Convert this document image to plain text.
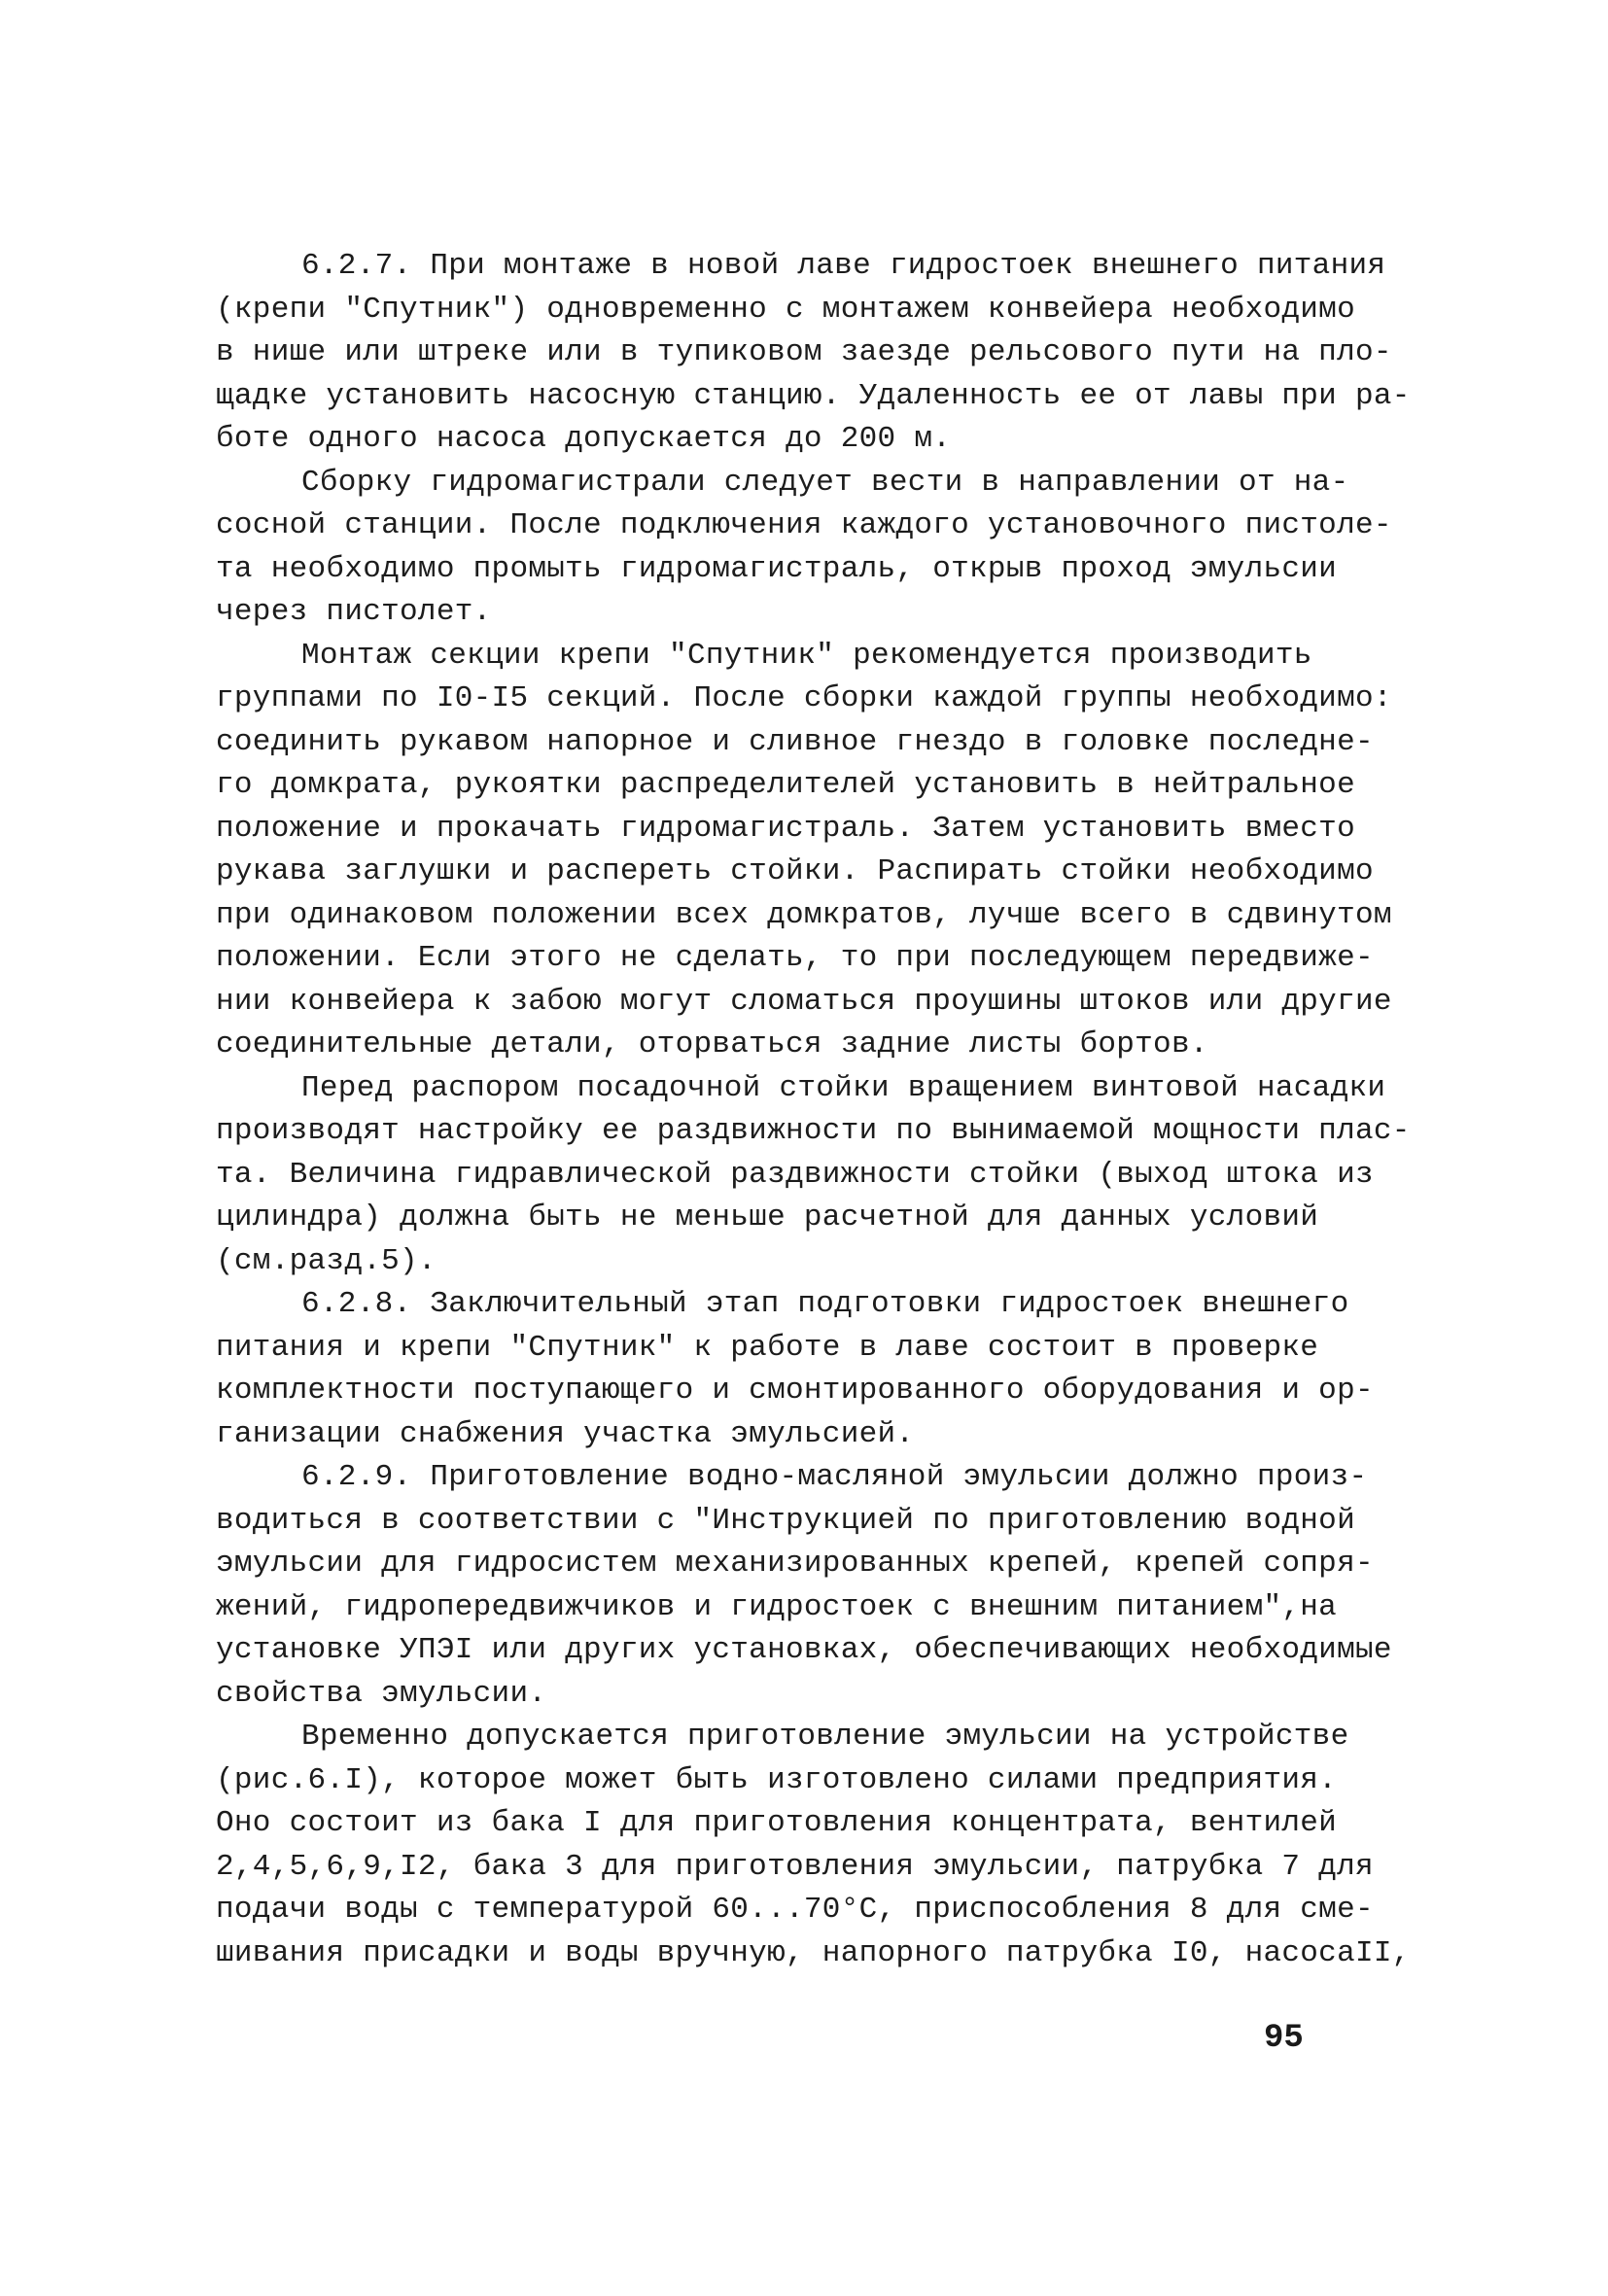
6.2.7. При монтаже в новой лаве гидростоек внешнего питания
(крепи "Спутник") одновременно с монтажем конвейера необходимо
в нише или штреке или в тупиковом заезде рельсового пути на пло-
щадке установить насосную станцию. Удаленность ее от лавы при ра-
боте одного насоса допускается до 200 м.
Сборку гидромагистрали следует вести в направлении от на-
сосной станции. После подключения каждого установочного пистоле-
та необходимо промыть гидромагистраль, открыв проход эмульсии
через пистолет.
Монтаж секции крепи "Спутник" рекомендуется производить
группами по I0-I5 секций. После сборки каждой группы необходимо:
соединить рукавом напорное и сливное гнездо в головке последне-
го домкрата, рукоятки распределителей установить в нейтральное
положение и прокачать гидромагистраль. Затем установить вместо
рукава заглушки и распереть стойки. Распирать стойки необходимо
при одинаковом положении всех домкратов, лучше всего в сдвинутом
положении. Если этого не сделать, то при последующем передвиже-
нии конвейера к забою могут сломаться проушины штоков или другие
соединительные детали, оторваться задние листы бортов.
Перед распором посадочной стойки вращением винтовой насадки
производят настройку ее раздвижности по вынимаемой мощности плас-
та. Величина гидравлической раздвижности стойки (выход штока из
цилиндра) должна быть не меньше расчетной для данных условий
(см.разд.5).
6.2.8. Заключительный этап подготовки гидростоек внешнего
питания и крепи "Спутник" к работе в лаве состоит в проверке
комплектности поступающего и смонтированного оборудования и ор-
ганизации снабжения участка эмульсией.
6.2.9. Приготовление водно-масляной эмульсии должно произ-
водиться в соответствии с "Инструкцией по приготовлению водной
эмульсии для гидросистем механизированных крепей, крепей сопря-
жений, гидропередвижчиков и гидростоек с внешним питанием",на
установке УПЭI или других установках, обеспечивающих необходимые
свойства эмульсии.
Временно допускается приготовление эмульсии на устройстве
(рис.6.I), которое может быть изготовлено силами предприятия.
Оно состоит из бака I для приготовления концентрата, вентилей
2,4,5,6,9,I2, бака 3 для приготовления эмульсии, патрубка 7 для
подачи воды с температурой 60...70°С, приспособления 8 для сме-
шивания присадки и воды вручную, напорного патрубка I0, насосаII,
95
